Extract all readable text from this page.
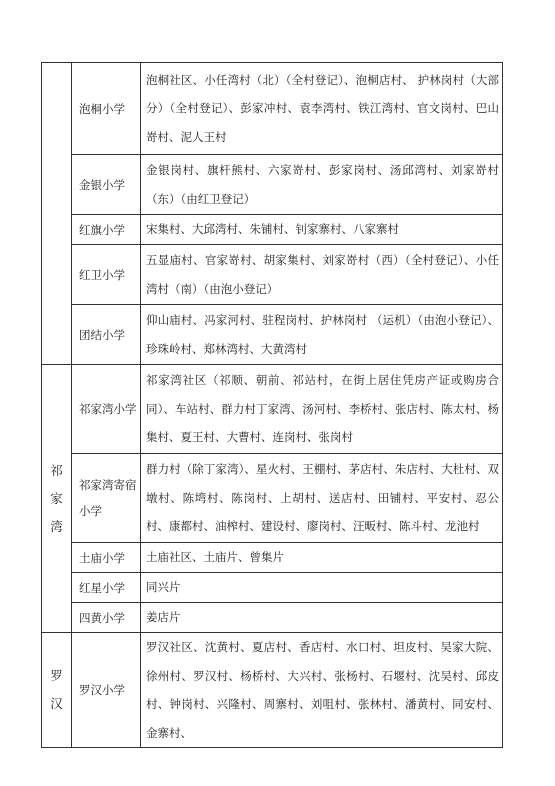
	泡桐小学	泡桐社区、小任湾村（北）（全村登记）、泡桐店村、 护林岗村（大部分）（全村登记）、彭家冲村、袁李湾村、铁江湾村、官文岗村、巴山嵜村、泥人王村
	金银小学	金银岗村、旗杆熊村、六家嵜村、彭家岗村、汤邱湾村、刘家嵜村（东）（由红卫登记）
	红旗小学	宋集村、大邱湾村、朱铺村、钊家寨村、八家寨村
	红卫小学	五显庙村、官家嵜村、胡家集村、刘家嵜村（西）（全村登记）、小任湾村（南）（由泡小登记）
	团结小学	仰山庙村、冯家河村、驻程岗村、护林岗村 （运机）（由泡小登记）、珍珠岭村、郑林湾村、大黄湾村

祁
家
湾	祁家湾小学	祁家湾社区（祁顺、朝前、祁站村，在街上居住凭房产证或购房合同）、车站村、群力村丁家湾、汤河村、李桥村、张店村、陈太村、杨集村、夏王村、大曹村、连岗村、张岗村
	祁家湾寄宿小学	群力村（除丁家湾）、星火村、王棚村、茅店村、朱店村、大杜村、双墩村、陈塆村、陈岗村、上胡村、送店村、田铺村、平安村、忍公村、康都村、油榨村、建设村、廖岗村、汪畈村、陈斗村、龙池村
	土庙小学	土庙社区、土庙片、曾集片
	红星小学	同兴片
	四黄小学	姜店片

罗
汉	罗汉小学	罗汉社区、沈黄村、夏店村、香店村、水口村、坦皮村、吴家大院、徐州村、罗汉村、杨桥村、大兴村、张杨村、石堰村、沈吴村、邱皮村、钟岗村、兴隆村、周寨村、刘咀村、张林村、潘黄村、同安村、金寨村、
